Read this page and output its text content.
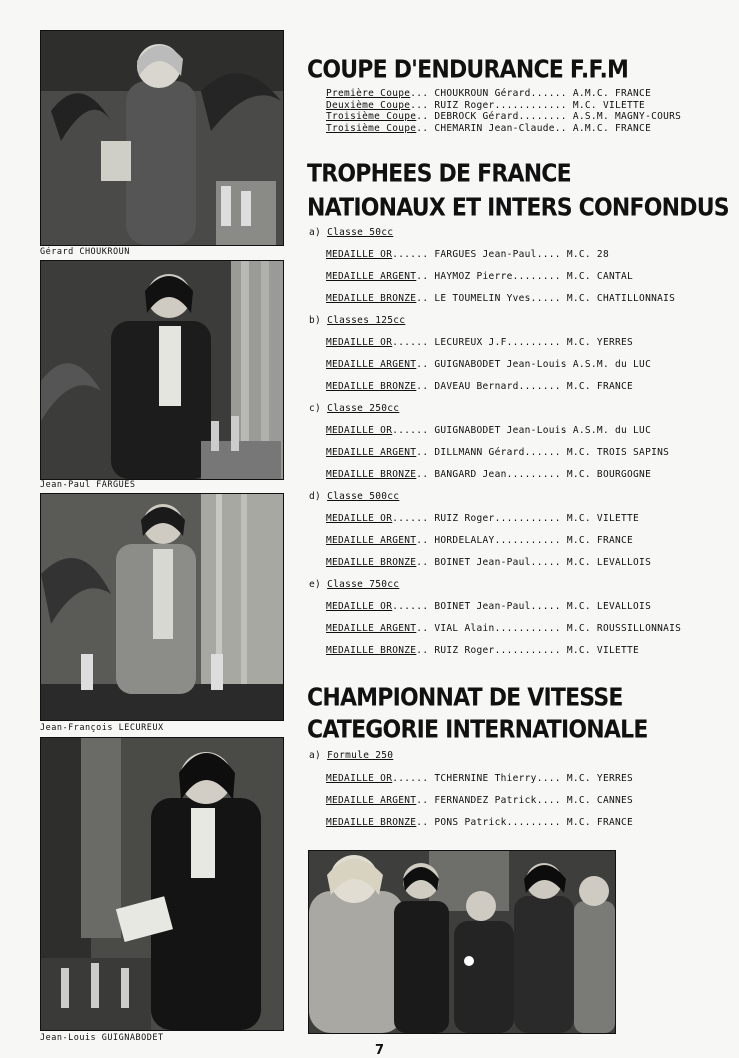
Gérard CHOUKROUN
Jean-Paul FARGUES
Jean-François LECUREUX
Jean-Louis GUIGNABODET
COUPE D'ENDURANCE F.F.M
Première Coupe... CHOUKROUN Gérard...... A.M.C. FRANCE
Deuxième Coupe... RUIZ Roger............ M.C. VILETTE
Troisième Coupe.. DEBROCK Gérard........ A.S.M. MAGNY-COURS
Troisième Coupe.. CHEMARIN Jean-Claude.. A.M.C. FRANCE
TROPHEES DE FRANCE
NATIONAUX ET INTERS CONFONDUS
a) Classe 50cc
MEDAILLE OR...... FARGUES Jean-Paul.... M.C. 28
MEDAILLE ARGENT.. HAYMOZ Pierre........ M.C. CANTAL
MEDAILLE BRONZE.. LE TOUMELIN Yves..... M.C. CHATILLONNAIS
b) Classes 125cc
MEDAILLE OR...... LECUREUX J.F......... M.C. YERRES
MEDAILLE ARGENT.. GUIGNABODET Jean-Louis A.S.M. du LUC
MEDAILLE BRONZE.. DAVEAU Bernard....... M.C. FRANCE
c) Classe 250cc
MEDAILLE OR...... GUIGNABODET Jean-Louis A.S.M. du LUC
MEDAILLE ARGENT.. DILLMANN Gérard...... M.C. TROIS SAPINS
MEDAILLE BRONZE.. BANGARD Jean......... M.C. BOURGOGNE
d) Classe 500cc
MEDAILLE OR...... RUIZ Roger........... M.C. VILETTE
MEDAILLE ARGENT.. HORDELALAY........... M.C. FRANCE
MEDAILLE BRONZE.. BOINET Jean-Paul..... M.C. LEVALLOIS
e) Classe 750cc
MEDAILLE OR...... BOINET Jean-Paul..... M.C. LEVALLOIS
MEDAILLE ARGENT.. VIAL Alain........... M.C. ROUSSILLONNAIS
MEDAILLE BRONZE.. RUIZ Roger........... M.C. VILETTE
CHAMPIONNAT DE VITESSE
CATEGORIE INTERNATIONALE
a) Formule 250
MEDAILLE OR...... TCHERNINE Thierry.... M.C. YERRES
MEDAILLE ARGENT.. FERNANDEZ Patrick.... M.C. CANNES
MEDAILLE BRONZE.. PONS Patrick......... M.C. FRANCE
7
